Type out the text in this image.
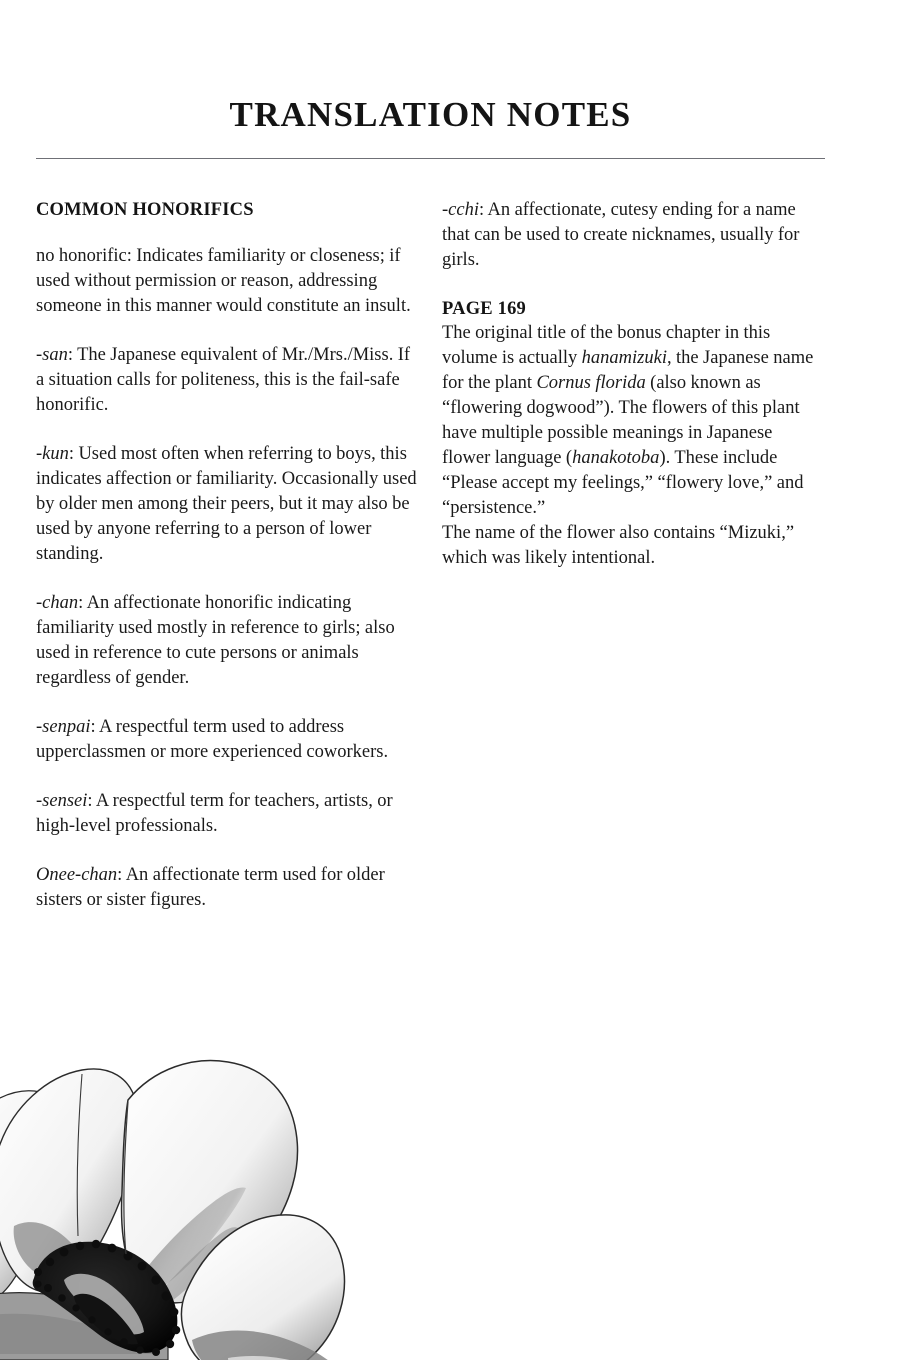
TRANSLATION NOTES
COMMON HONORIFICS

no honorific: Indicates familiarity or closeness; if used without permission or reason, addressing someone in this manner would constitute an insult.

-san: The Japanese equivalent of Mr./Mrs./Miss. If a situation calls for politeness, this is the fail-safe honorific.

-kun: Used most often when referring to boys, this indicates affection or familiarity. Occasionally used by older men among their peers, but it may also be used by anyone referring to a person of lower standing.

-chan: An affectionate honorific indicating familiarity used mostly in reference to girls; also used in reference to cute persons or animals regardless of gender.

-senpai: A respectful term used to address upperclassmen or more experienced coworkers.

-sensei: A respectful term for teachers, artists, or high-level professionals.

Onee-chan: An affectionate term used for older sisters or sister figures.

-cchi: An affectionate, cutesy ending for a name that can be used to create nicknames, usually for girls.

PAGE 169

The original title of the bonus chapter in this volume is actually hanamizuki, the Japanese name for the plant Cornus florida (also known as “flowering dogwood”). The flowers of this plant have multiple possible meanings in Japanese flower language (hanakotoba). These include “Please accept my feelings,” “flowery love,” and “persistence.”
The name of the flower also contains “Mizuki,” which was likely intentional.
